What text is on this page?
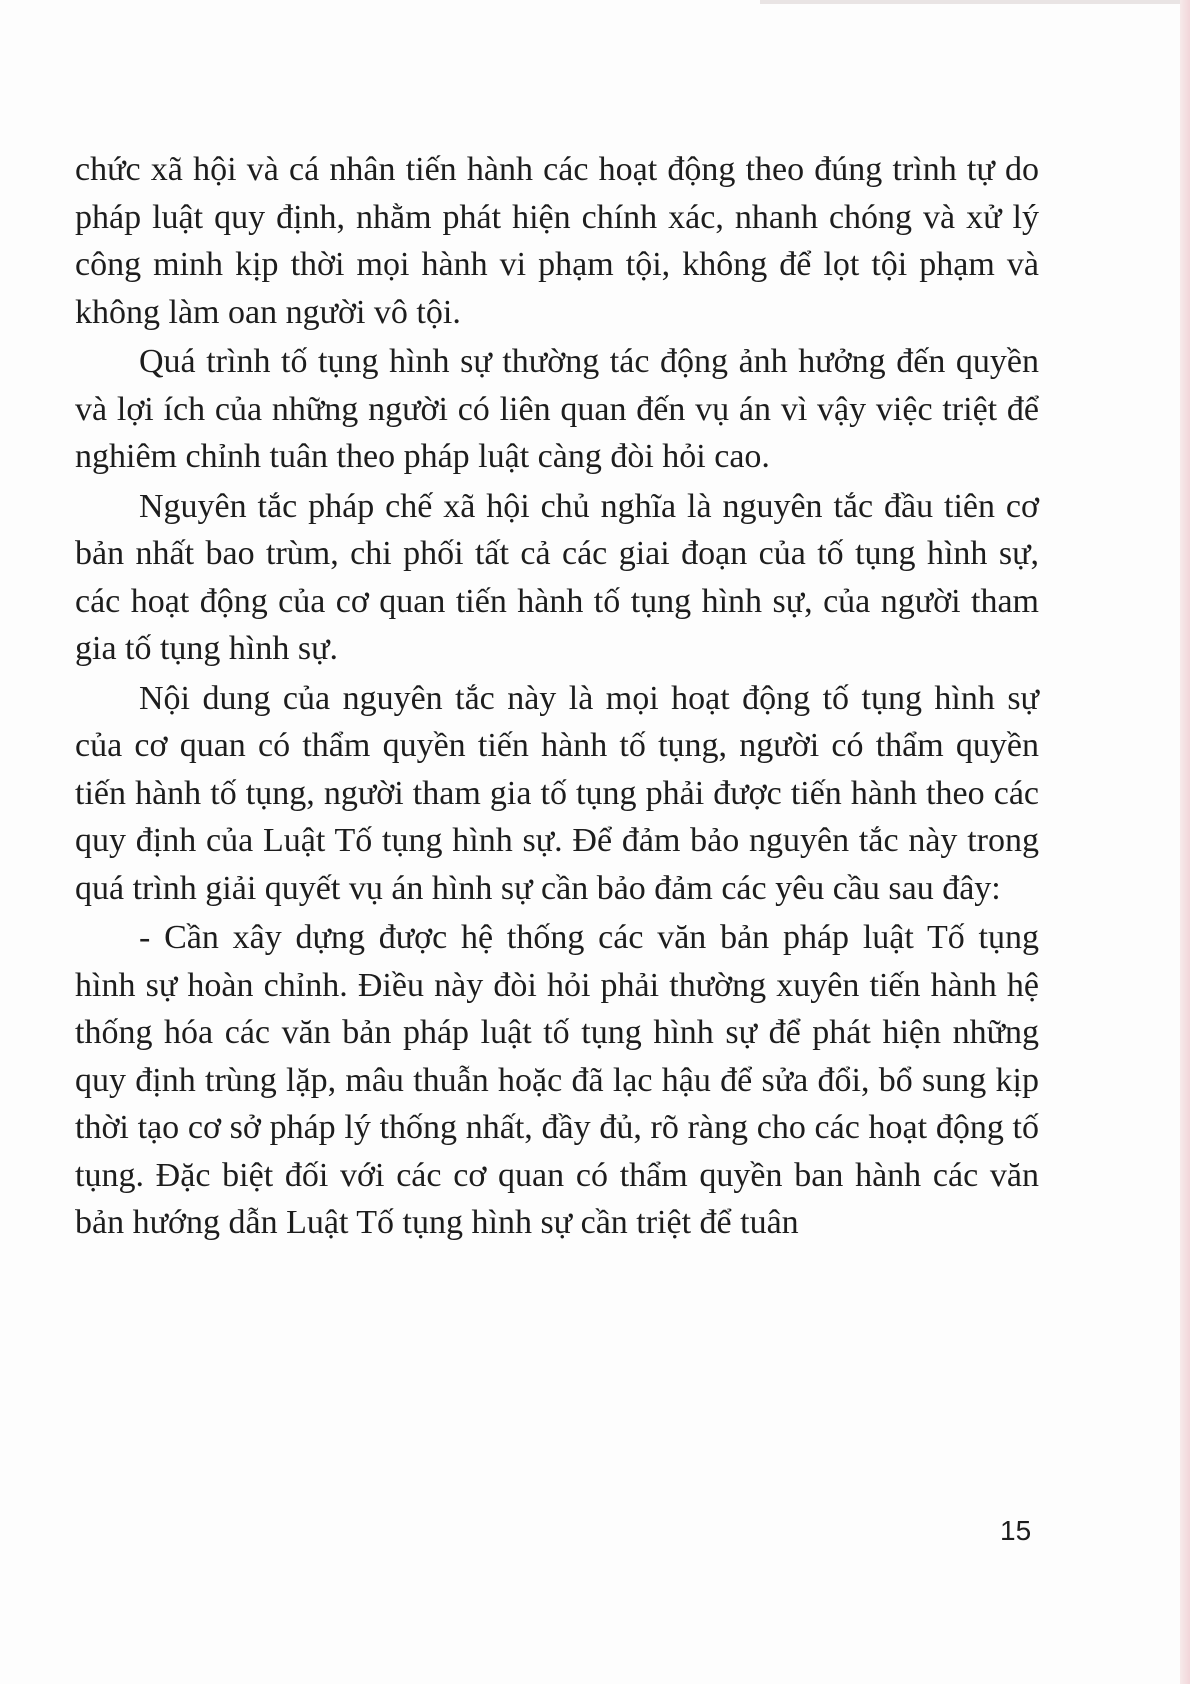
chức xã hội và cá nhân tiến hành các hoạt động theo đúng trình tự do pháp luật quy định, nhằm phát hiện chính xác, nhanh chóng và xử lý công minh kịp thời mọi hành vi phạm tội, không để lọt tội phạm và không làm oan người vô tội.

Quá trình tố tụng hình sự thường tác động ảnh hưởng đến quyền và lợi ích của những người có liên quan đến vụ án vì vậy việc triệt để nghiêm chỉnh tuân theo pháp luật càng đòi hỏi cao.

Nguyên tắc pháp chế xã hội chủ nghĩa là nguyên tắc đầu tiên cơ bản nhất bao trùm, chi phối tất cả các giai đoạn của tố tụng hình sự, các hoạt động của cơ quan tiến hành tố tụng hình sự, của người tham gia tố tụng hình sự.

Nội dung của nguyên tắc này là mọi hoạt động tố tụng hình sự của cơ quan có thẩm quyền tiến hành tố tụng, người có thẩm quyền tiến hành tố tụng, người tham gia tố tụng phải được tiến hành theo các quy định của Luật Tố tụng hình sự. Để đảm bảo nguyên tắc này trong quá trình giải quyết vụ án hình sự cần bảo đảm các yêu cầu sau đây:

- Cần xây dựng được hệ thống các văn bản pháp luật Tố tụng hình sự hoàn chỉnh. Điều này đòi hỏi phải thường xuyên tiến hành hệ thống hóa các văn bản pháp luật tố tụng hình sự để phát hiện những quy định trùng lặp, mâu thuẫn hoặc đã lạc hậu để sửa đổi, bổ sung kịp thời tạo cơ sở pháp lý thống nhất, đầy đủ, rõ ràng cho các hoạt động tố tụng. Đặc biệt đối với các cơ quan có thẩm quyền ban hành các văn bản hướng dẫn Luật Tố tụng hình sự cần triệt để tuân

15
